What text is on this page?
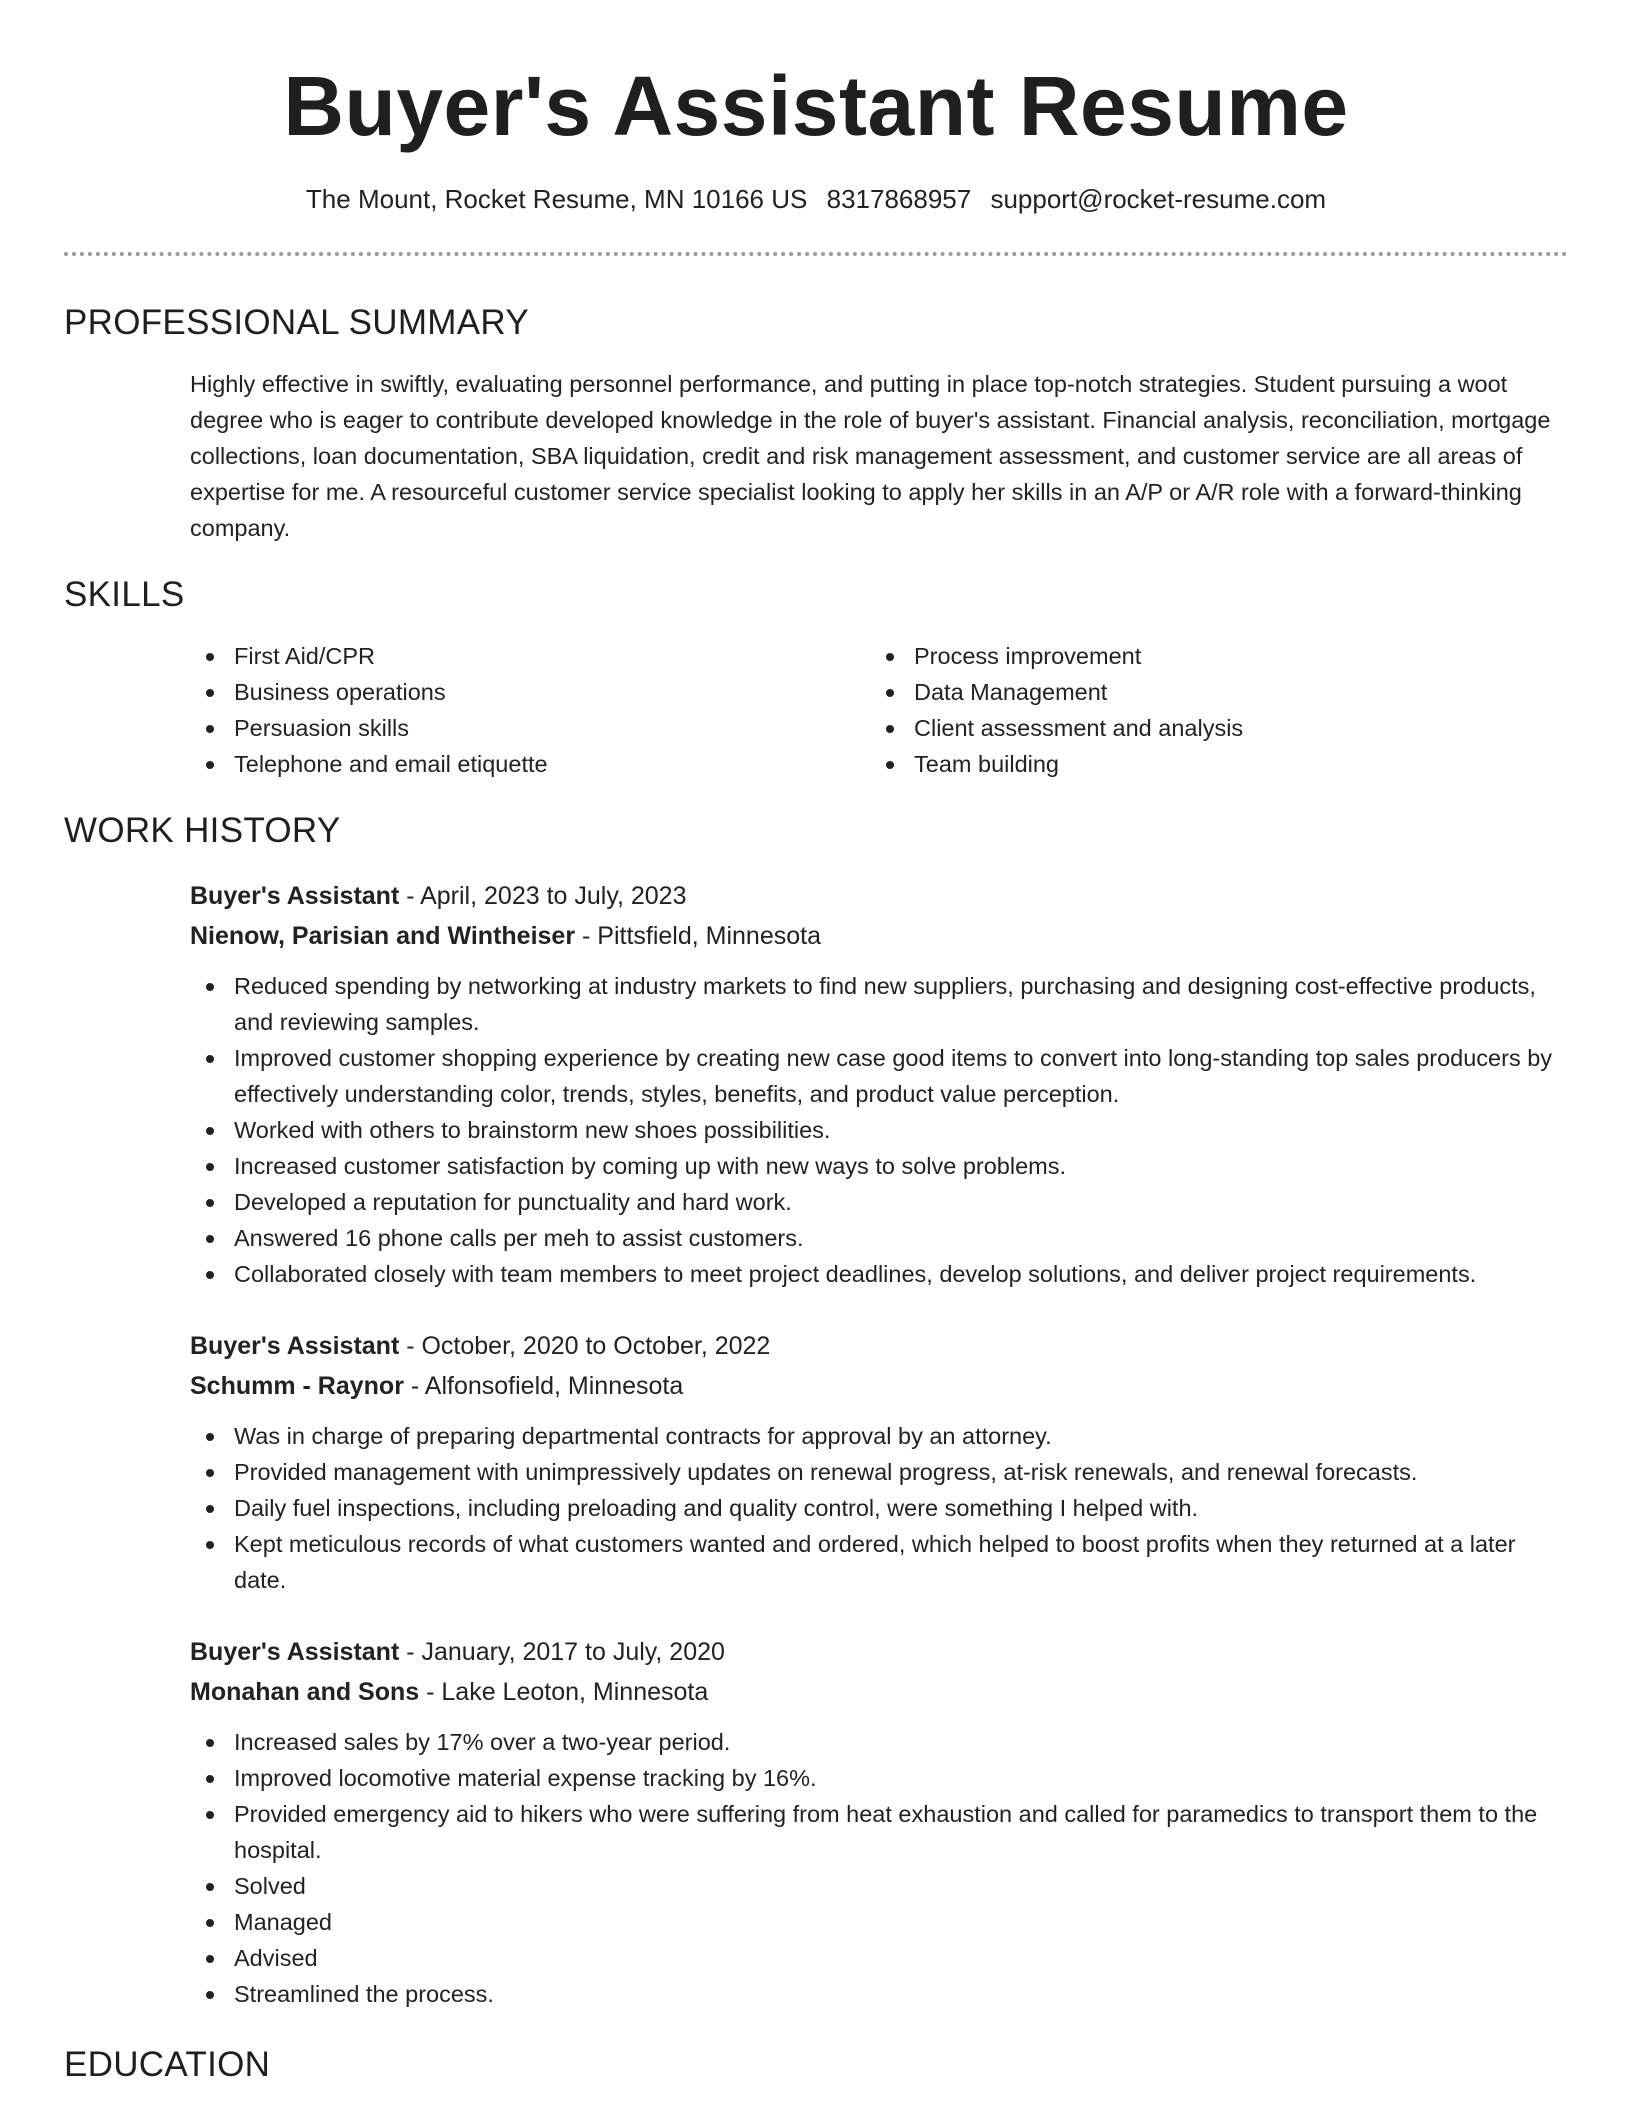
Buyer's Assistant Resume
The Mount, Rocket Resume, MN 10166 US 8317868957 support@rocket-resume.com
PROFESSIONAL SUMMARY

Highly effective in swiftly, evaluating personnel performance, and putting in place top-notch strategies. Student pursuing a woot degree who is eager to contribute developed knowledge in the role of buyer's assistant. Financial analysis, reconciliation, mortgage collections, loan documentation, SBA liquidation, credit and risk management assessment, and customer service are all areas of expertise for me. A resourceful customer service specialist looking to apply her skills in an A/P or A/R role with a forward-thinking company.

SKILLS
First Aid/CPR
Business operations
Persuasion skills
Telephone and email etiquette
Process improvement
Data Management
Client assessment and analysis
Team building
WORK HISTORY
Buyer's Assistant - April, 2023 to July, 2023
Nienow, Parisian and Wintheiser - Pittsfield, Minnesota
Reduced spending by networking at industry markets to find new suppliers, purchasing and designing cost-effective products, and reviewing samples.
Improved customer shopping experience by creating new case good items to convert into long-standing top sales producers by effectively understanding color, trends, styles, benefits, and product value perception.
Worked with others to brainstorm new shoes possibilities.
Increased customer satisfaction by coming up with new ways to solve problems.
Developed a reputation for punctuality and hard work.
Answered 16 phone calls per meh to assist customers.
Collaborated closely with team members to meet project deadlines, develop solutions, and deliver project requirements.
Buyer's Assistant - October, 2020 to October, 2022
Schumm - Raynor - Alfonsofield, Minnesota
Was in charge of preparing departmental contracts for approval by an attorney.
Provided management with unimpressively updates on renewal progress, at-risk renewals, and renewal forecasts.
Daily fuel inspections, including preloading and quality control, were something I helped with.
Kept meticulous records of what customers wanted and ordered, which helped to boost profits when they returned at a later date.
Buyer's Assistant - January, 2017 to July, 2020
Monahan and Sons - Lake Leoton, Minnesota
Increased sales by 17% over a two-year period.
Improved locomotive material expense tracking by 16%.
Provided emergency aid to hikers who were suffering from heat exhaustion and called for paramedics to transport them to the hospital.
Solved
Managed
Advised
Streamlined the process.
EDUCATION
